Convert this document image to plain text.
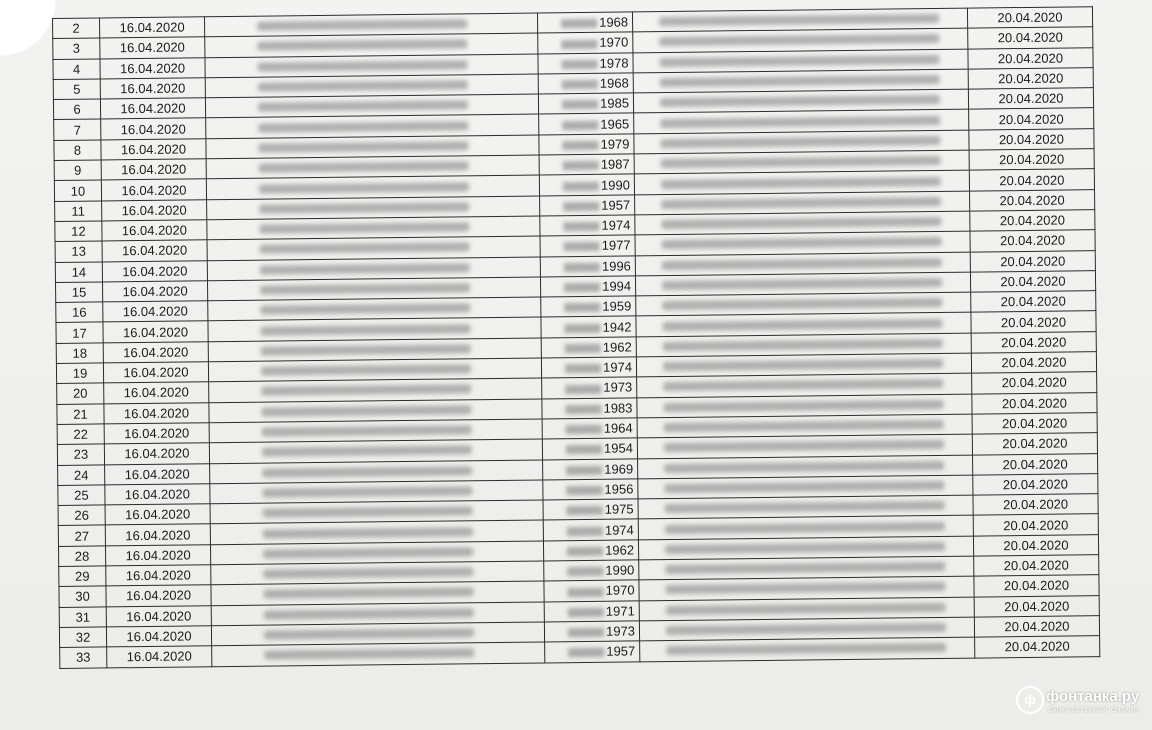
2	16.04.2020		1968		20.04.2020
3	16.04.2020		1970		20.04.2020
4	16.04.2020		1978		20.04.2020
5	16.04.2020		1968		20.04.2020
6	16.04.2020		1985		20.04.2020
7	16.04.2020		1965		20.04.2020
8	16.04.2020		1979		20.04.2020
9	16.04.2020		1987		20.04.2020
10	16.04.2020		1990		20.04.2020
11	16.04.2020		1957		20.04.2020
12	16.04.2020		1974		20.04.2020
13	16.04.2020		1977		20.04.2020
14	16.04.2020		1996		20.04.2020
15	16.04.2020		1994		20.04.2020
16	16.04.2020		1959		20.04.2020
17	16.04.2020		1942		20.04.2020
18	16.04.2020		1962		20.04.2020
19	16.04.2020		1974		20.04.2020
20	16.04.2020		1973		20.04.2020
21	16.04.2020		1983		20.04.2020
22	16.04.2020		1964		20.04.2020
23	16.04.2020		1954		20.04.2020
24	16.04.2020		1969		20.04.2020
25	16.04.2020		1956		20.04.2020
26	16.04.2020		1975		20.04.2020
27	16.04.2020		1974		20.04.2020
28	16.04.2020		1962		20.04.2020
29	16.04.2020		1990		20.04.2020
30	16.04.2020		1970		20.04.2020
31	16.04.2020		1971		20.04.2020
32	16.04.2020		1973		20.04.2020
33	16.04.2020		1957		20.04.2020
ф фонтанка.ру
САНКТ-ПЕТЕРБУРГ ОНЛАЙН
